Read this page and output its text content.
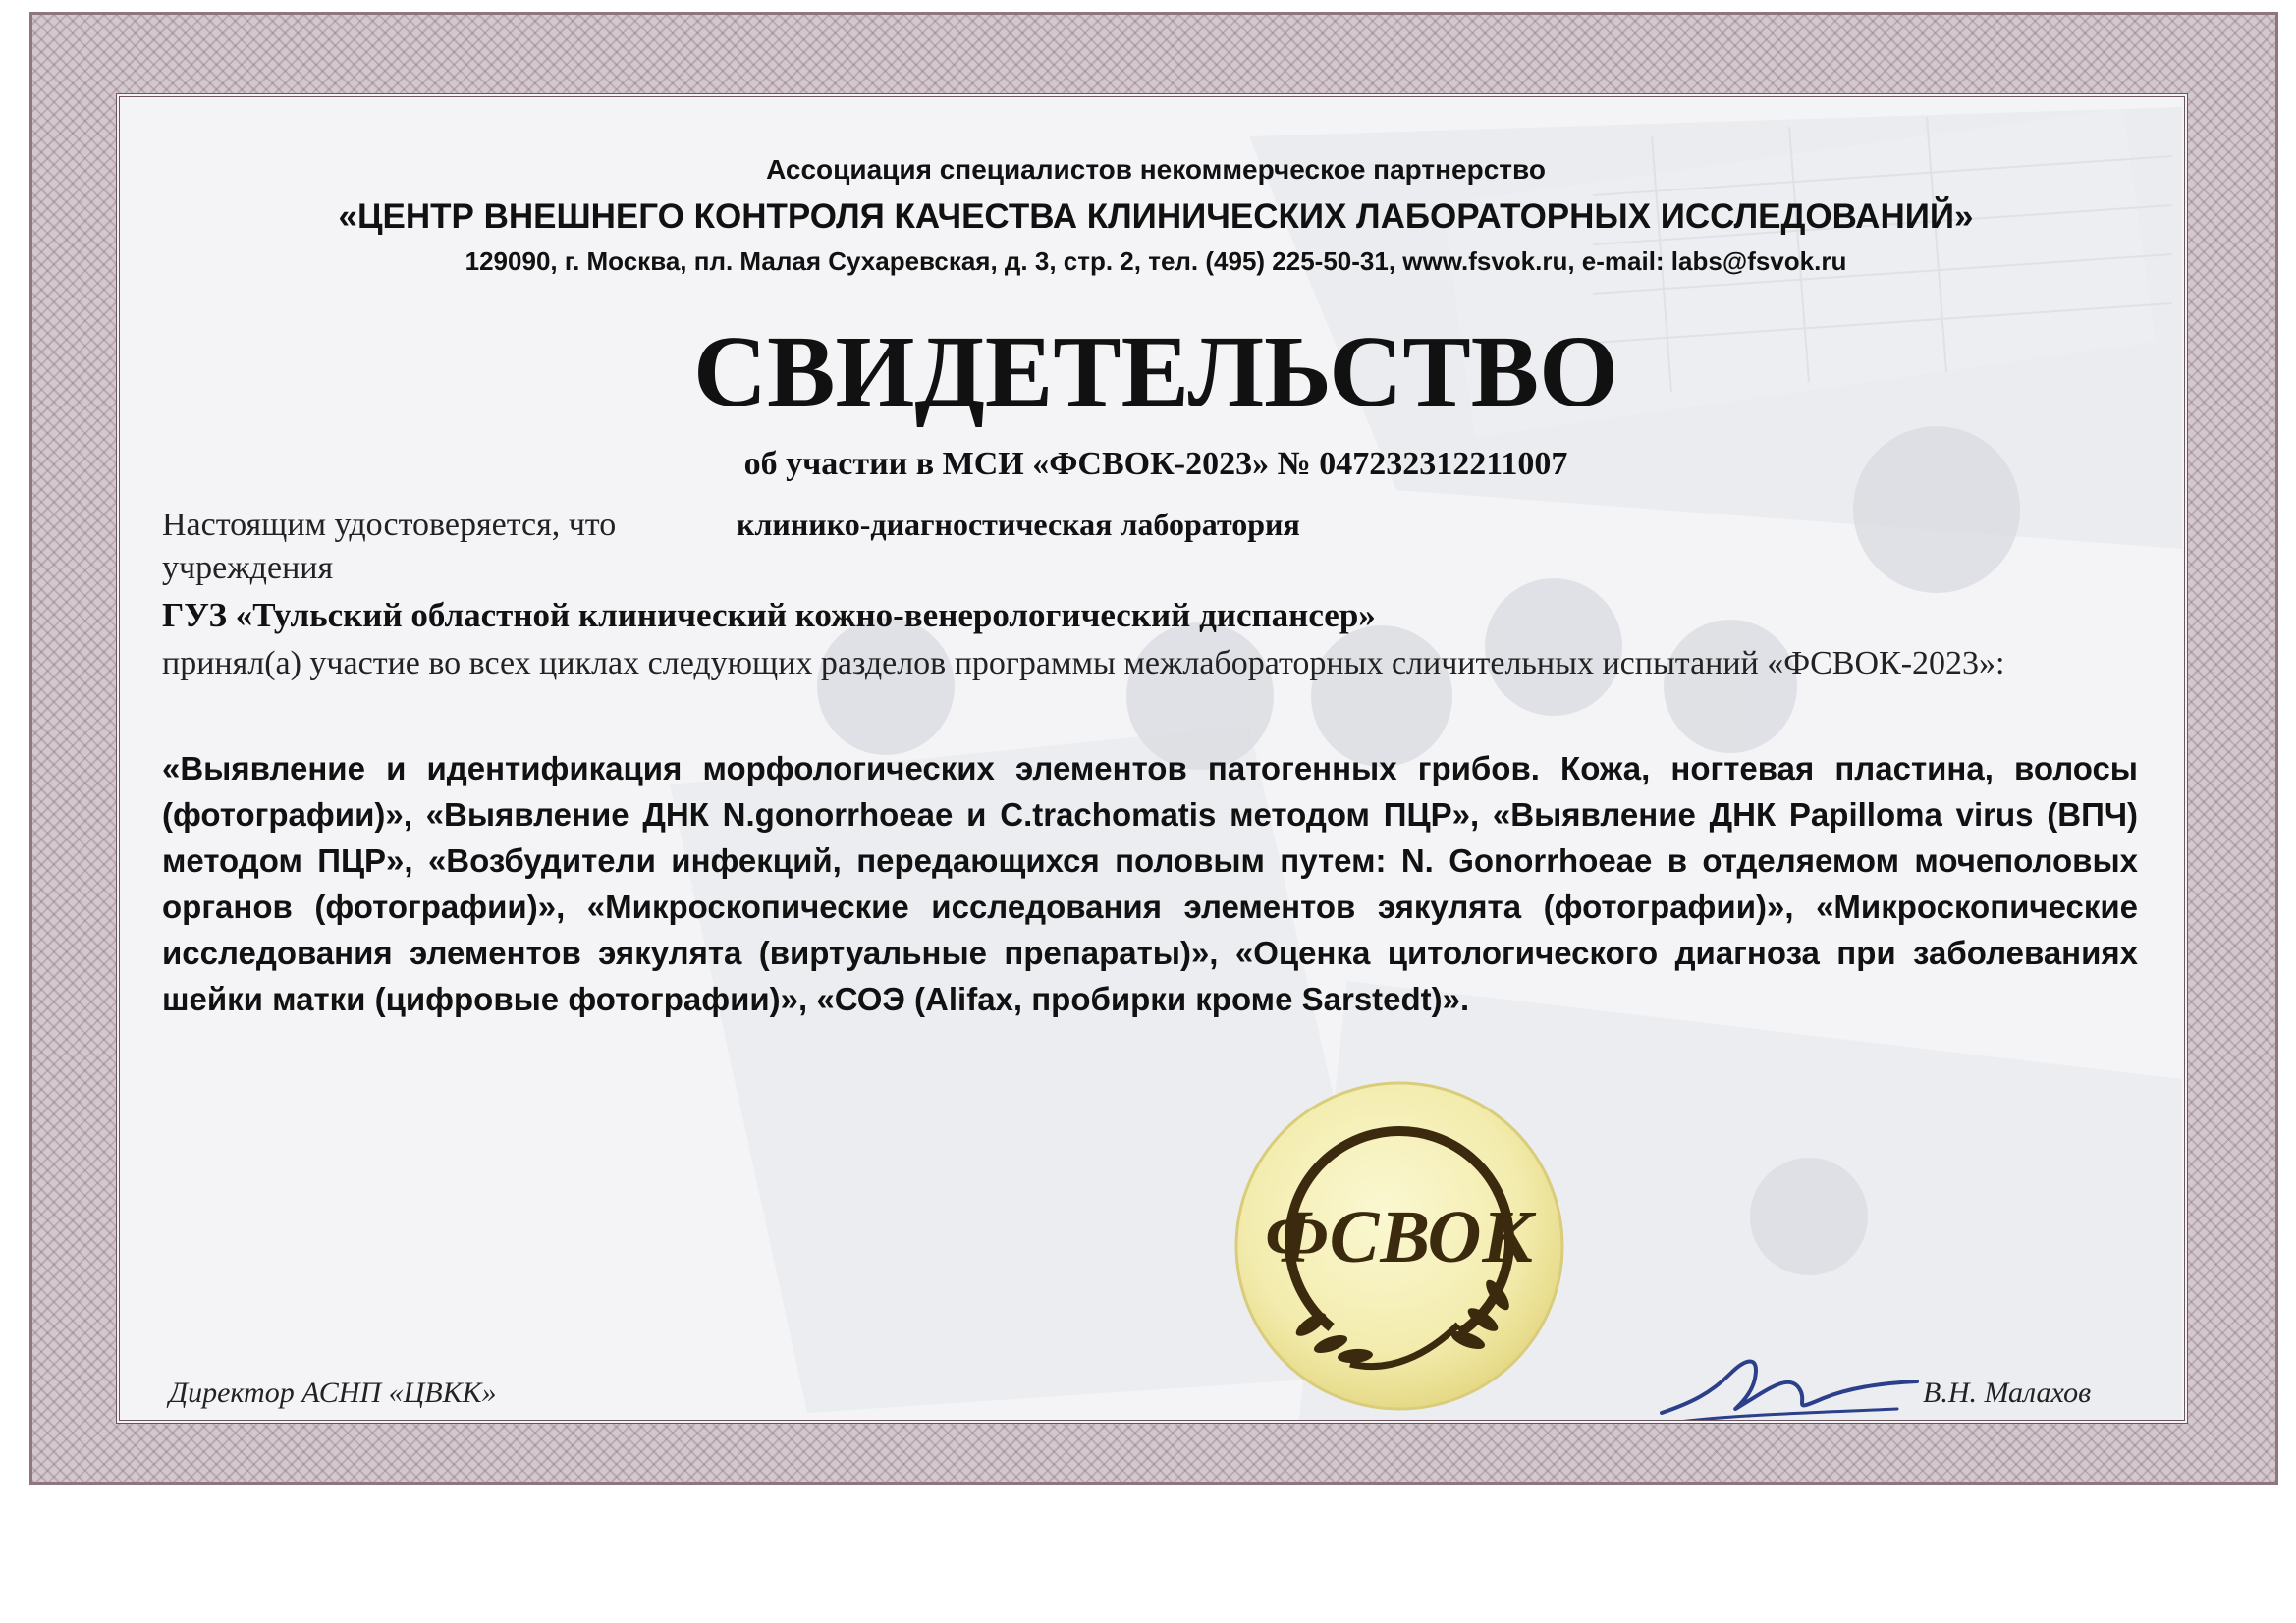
Ассоциация специалистов некоммерческое партнерство
«ЦЕНТР ВНЕШНЕГО КОНТРОЛЯ КАЧЕСТВА КЛИНИЧЕСКИХ ЛАБОРАТОРНЫХ ИССЛЕДОВАНИЙ»
129090, г. Москва, пл. Малая Сухаревская, д. 3, стр. 2, тел. (495) 225-50-31, www.fsvok.ru, e-mail: labs@fsvok.ru
СВИДЕТЕЛЬСТВО
об участии в МСИ «ФСВОК-2023» № 047232312211007
Настоящим удостоверяется, что	клинико-диагностическая лаборатория
учреждения
ГУЗ «Тульский областной клинический кожно-венерологический диспансер»
принял(а) участие во всех циклах следующих разделов программы межлабораторных сличительных испытаний «ФСВОК-2023»:
«Выявление и идентификация морфологических элементов патогенных грибов. Кожа, ногтевая пластина, волосы (фотографии)», «Выявление ДНК N.gonorrhoeae и C.trachomatis методом ПЦР», «Выявление ДНК Papilloma virus (ВПЧ) методом ПЦР», «Возбудители инфекций, передающихся половым путем: N. Gonorrhoeae в отделяемом мочеполовых органов (фотографии)», «Микроскопические исследования элементов эякулята (фотографии)», «Микроскопические исследования элементов эякулята (виртуальные препараты)», «Оценка цитологического диагноза при заболеваниях шейки матки (цифровые фотографии)», «СОЭ (Alifax, пробирки кроме Sarstedt)».
Директор АСНП «ЦВКК»
ФСВОК
В.Н. Малахов
